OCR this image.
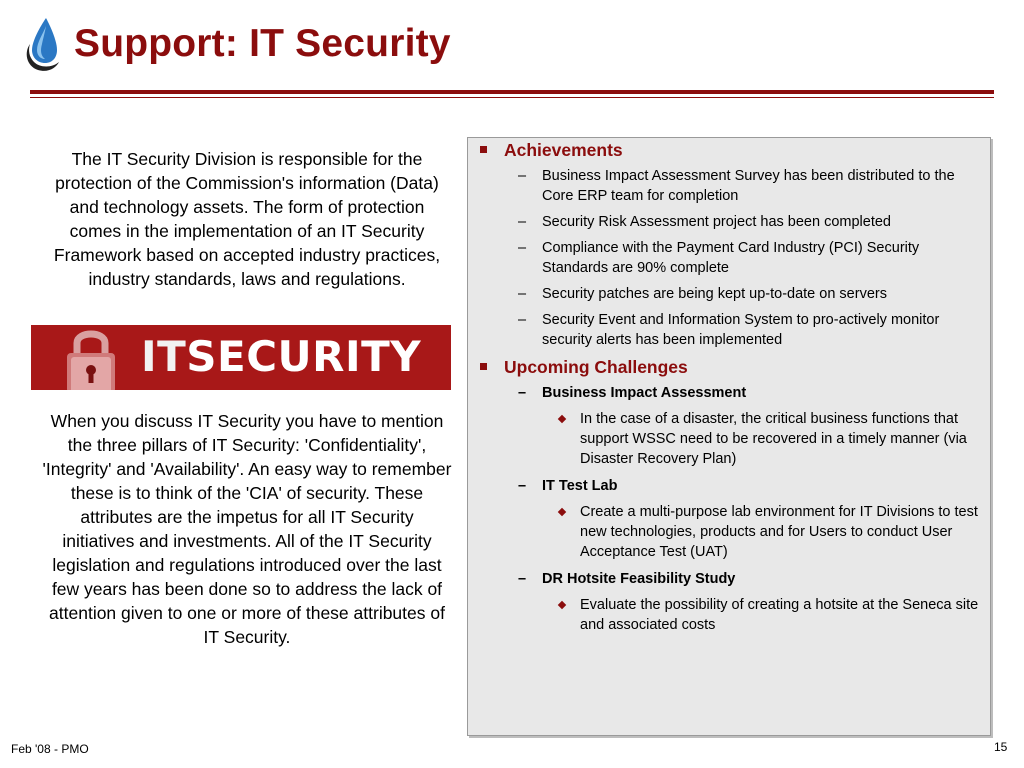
Support: IT Security
The IT Security Division is responsible for the protection of the Commission's information (Data) and technology assets. The form of protection comes in the implementation of an IT Security Framework based on accepted industry practices, industry standards, laws and regulations.
ITSECURITY
When you discuss IT Security you have to mention the three pillars of IT Security: 'Confidentiality', 'Integrity' and 'Availability'. An easy way to remember these is to think of the 'CIA' of security. These attributes are the impetus for all IT Security initiatives and investments. All of the IT Security legislation and regulations introduced over the last few years has been done so to address the lack of attention given to one or more of these attributes of IT Security.
Achievements
– Business Impact Assessment Survey has been distributed to the Core ERP team for completion
– Security Risk Assessment project has been completed
– Compliance with the Payment Card Industry (PCI) Security Standards are 90% complete
– Security patches are being kept up-to-date on servers
– Security Event and Information System to pro-actively monitor security alerts has been implemented
Upcoming Challenges
– Business Impact Assessment
In the case of a disaster, the critical business functions that support WSSC need to be recovered in a timely manner (via Disaster Recovery Plan)
– IT Test Lab
Create a multi-purpose lab environment for IT Divisions to test new technologies, products and for Users to conduct User Acceptance Test (UAT)
– DR Hotsite Feasibility Study
Evaluate the possibility of creating a hotsite at the Seneca site and associated costs
Feb '08 - PMO	15
